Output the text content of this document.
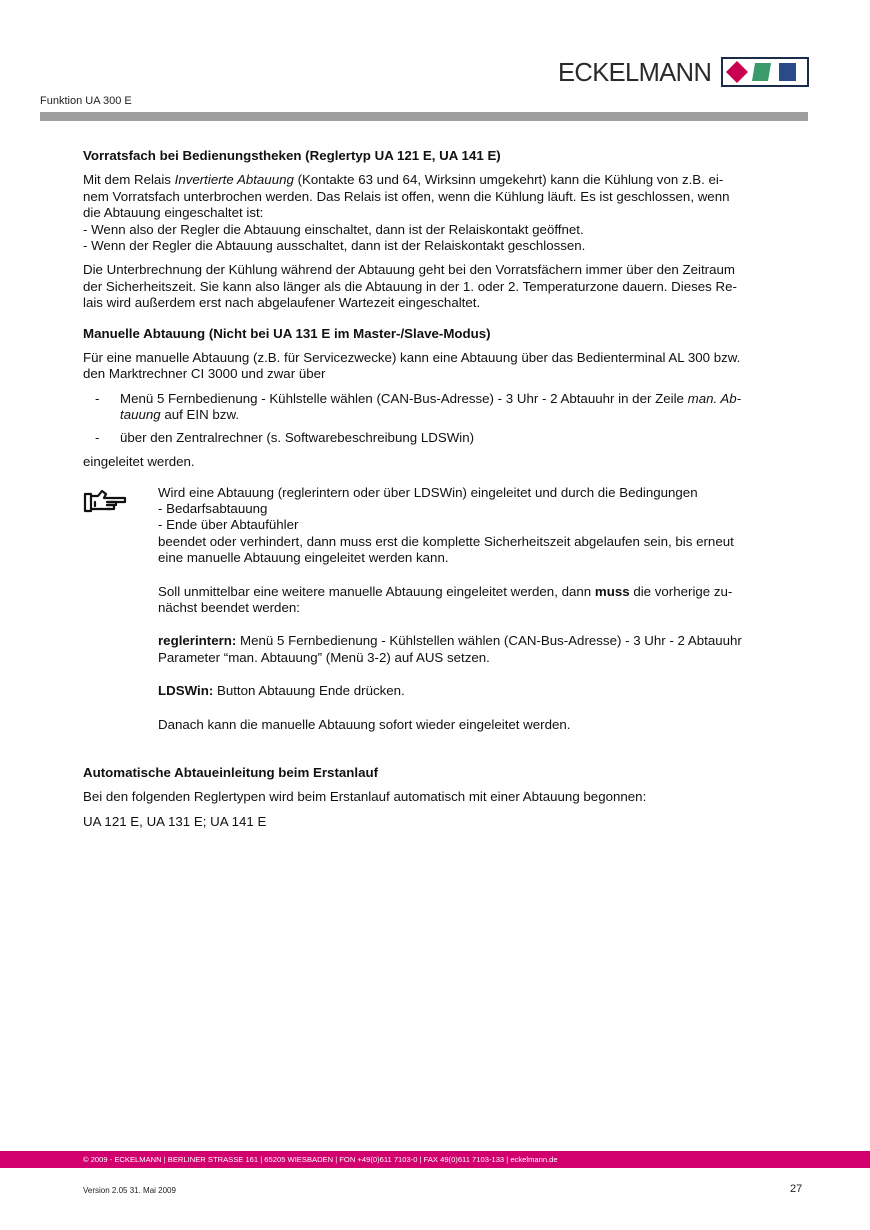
ECKELMANN
Funktion UA 300 E
Vorratsfach bei Bedienungstheken (Reglertyp UA 121 E, UA 141 E)

Mit dem Relais Invertierte Abtauung (Kontakte 63 und 64, Wirksinn umgekehrt) kann die Kühlung von z.B. ei-
nem Vorratsfach unterbrochen werden. Das Relais ist offen, wenn die Kühlung läuft. Es ist geschlossen, wenn
die Abtauung eingeschaltet ist:
- Wenn also der Regler die Abtauung einschaltet, dann ist der Relaiskontakt geöffnet.
- Wenn der Regler die Abtauung ausschaltet, dann ist der Relaiskontakt geschlossen.

Die Unterbrechnung der Kühlung während der Abtauung geht bei den Vorratsfächern immer über den Zeitraum
der Sicherheitszeit. Sie kann also länger als die Abtauung in der 1. oder 2. Temperaturzone dauern. Dieses Re-
lais wird außerdem erst nach abgelaufener Wartezeit eingeschaltet.

Manuelle Abtauung (Nicht bei UA 131 E im Master-/Slave-Modus)

Für eine manuelle Abtauung (z.B. für Servicezwecke) kann eine Abtauung über das Bedienterminal AL 300 bzw.
den Marktrechner CI 3000 und zwar über

- Menü 5 Fernbedienung - Kühlstelle wählen (CAN-Bus-Adresse) - 3 Uhr - 2 Abtauuhr in der Zeile man. Ab-
tauung auf EIN bzw.
- über den Zentralrechner (s. Softwarebeschreibung LDSWin)

eingeleitet werden.

Wird eine Abtauung (reglerintern oder über LDSWin) eingeleitet und durch die Bedingungen
- Bedarfsabtauung
- Ende über Abtaufühler
beendet oder verhindert, dann muss erst die komplette Sicherheitszeit abgelaufen sein, bis erneut
eine manuelle Abtauung eingeleitet werden kann.

Soll unmittelbar eine weitere manuelle Abtauung eingeleitet werden, dann muss die vorherige zu-
nächst beendet werden:

reglerintern: Menü 5 Fernbedienung - Kühlstellen wählen (CAN-Bus-Adresse) - 3 Uhr - 2 Abtauuhr
Parameter “man. Abtauung” (Menü 3-2) auf AUS setzen.

LDSWin: Button Abtauung Ende drücken.

Danach kann die manuelle Abtauung sofort wieder eingeleitet werden.

Automatische Abtaueinleitung beim Erstanlauf

Bei den folgenden Reglertypen wird beim Erstanlauf automatisch mit einer Abtauung begonnen:

UA 121 E, UA 131 E; UA 141 E

© 2009 - ECKELMANN | BERLINER STRASSE 161 | 65205 WIESBADEN | FON +49(0)611 7103-0 | FAX 49(0)611 7103-133 | eckelmann.de
Version 2.05 31. Mai 2009	27
